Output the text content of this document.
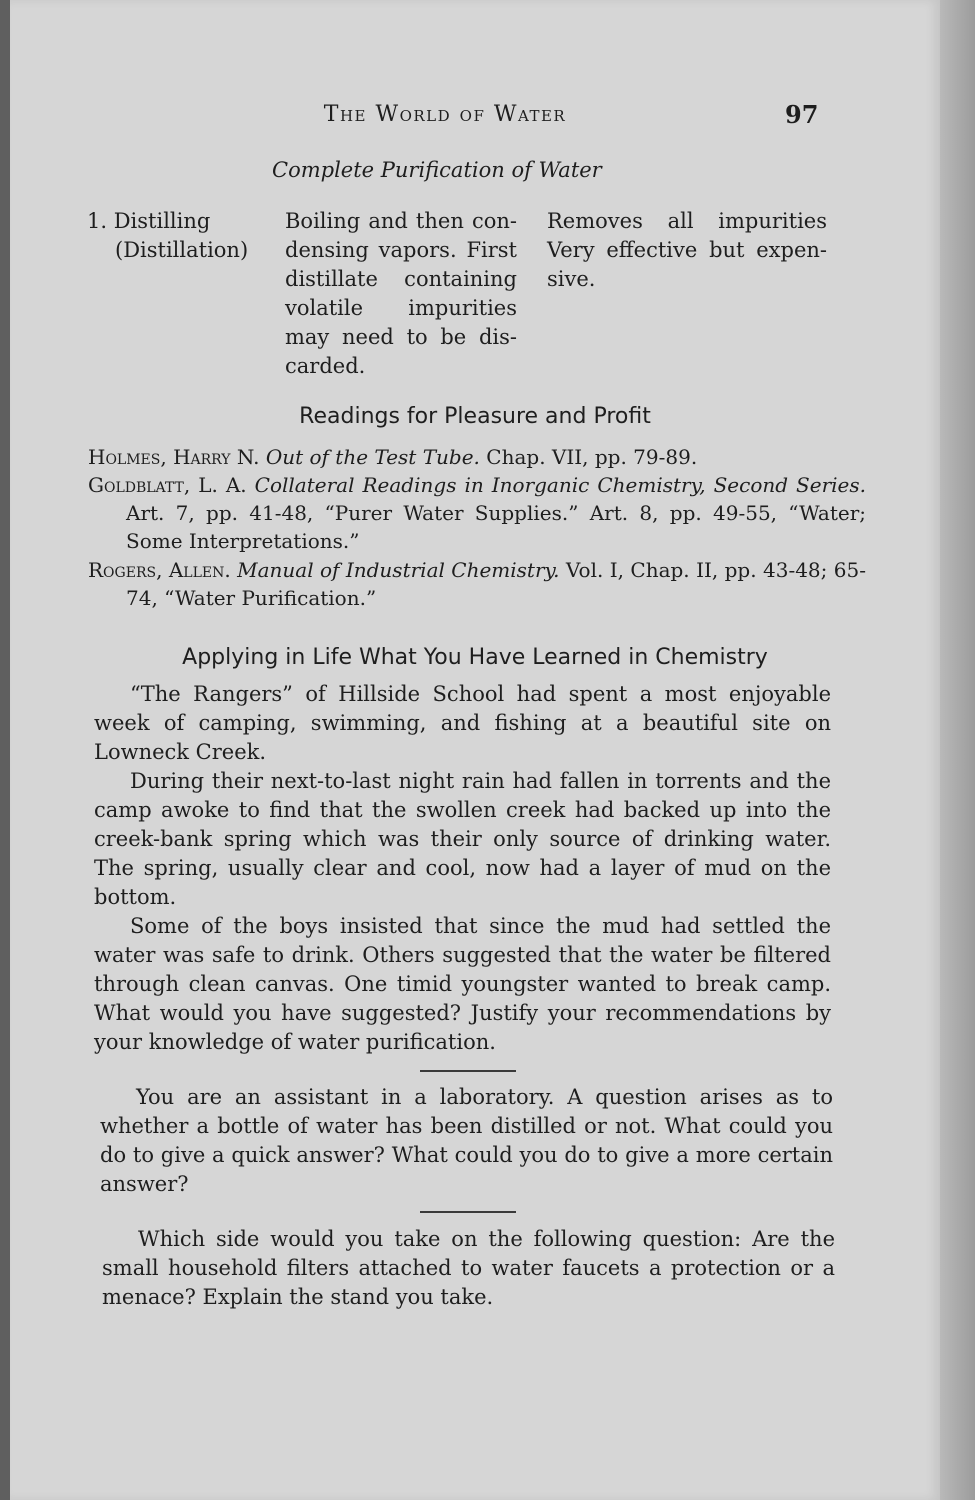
The World of Water	97
Complete Purification of Water
1. Distilling
(Distillation)
Boiling and then con-
densing vapors. First
distillate containing
volatile impurities
may need to be dis-
carded.
Removes all impurities
Very effective but expen-
sive.
Readings for Pleasure and Profit
Holmes, Harry N. Out of the Test Tube. Chap. VII, pp. 79-89.
Goldblatt, L. A. Collateral Readings in Inorganic Chemistry, Second Series. Art. 7, pp. 41-48, “Purer Water Supplies.” Art. 8, pp. 49-55, “Water; Some Interpretations.”
Rogers, Allen. Manual of Industrial Chemistry. Vol. I, Chap. II, pp. 43-48; 65-74, “Water Purification.”
Applying in Life What You Have Learned in Chemistry

“The Rangers” of Hillside School had spent a most enjoyable week of camping, swimming, and fishing at a beautiful site on Lowneck Creek.

During their next-to-last night rain had fallen in torrents and the camp awoke to find that the swollen creek had backed up into the creek-bank spring which was their only source of drinking water. The spring, usually clear and cool, now had a layer of mud on the bottom.

Some of the boys insisted that since the mud had settled the water was safe to drink. Others suggested that the water be filtered through clean canvas. One timid youngster wanted to break camp. What would you have suggested? Justify your recommendations by your knowledge of water purification.

You are an assistant in a laboratory. A question arises as to whether a bottle of water has been distilled or not. What could you do to give a quick answer? What could you do to give a more certain answer?

Which side would you take on the following question: Are the small household filters attached to water faucets a protection or a menace? Explain the stand you take.
